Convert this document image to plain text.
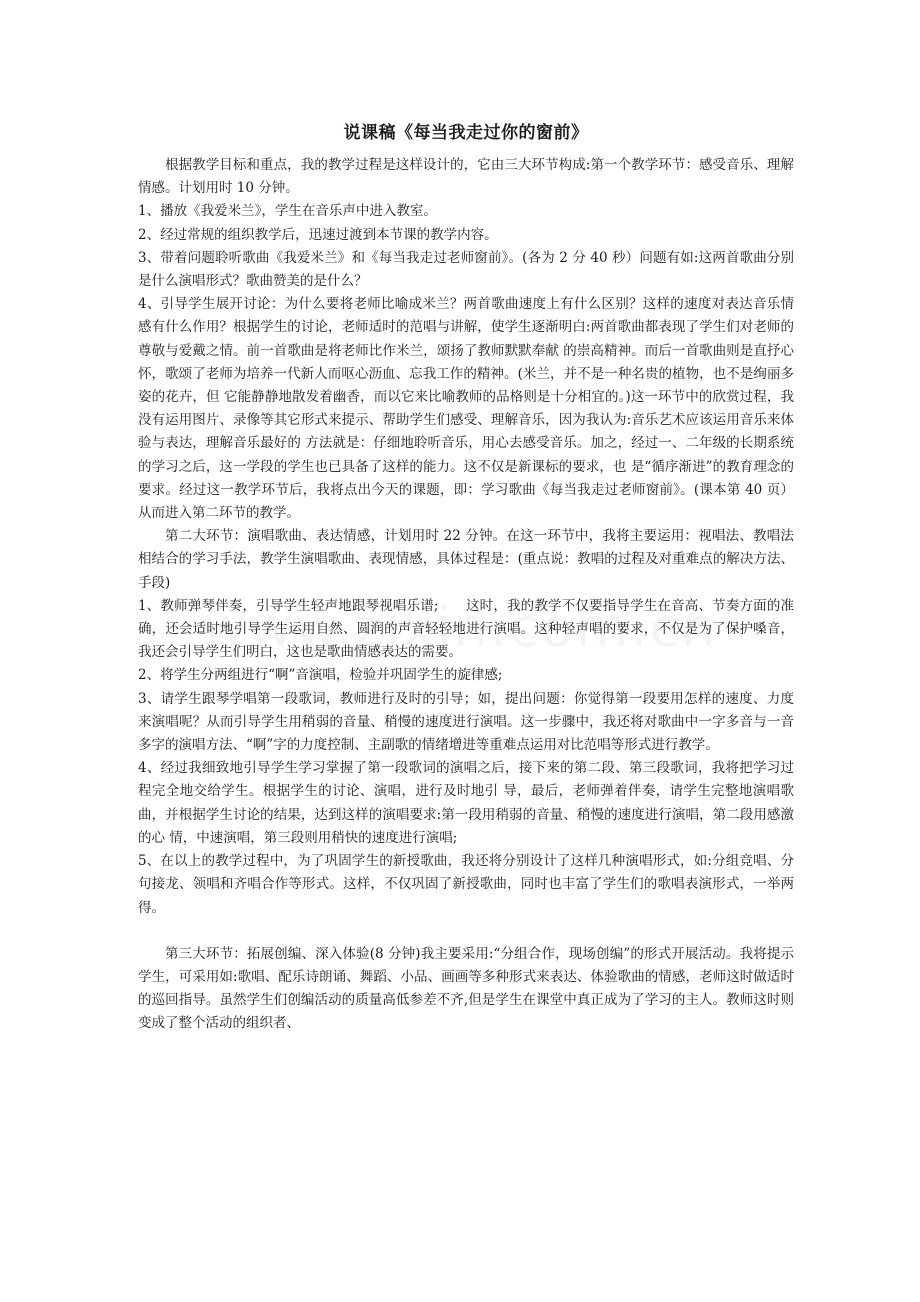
说课稿《每当我走过你的窗前》

根据教学目标和重点，我的教学过程是这样设计的，它由三大环节构成:第一个教学环节：感受音乐、理解情感。计划用时 10 分钟。

1、播放《我爱米兰》，学生在音乐声中进入教室。

2、经过常规的组织教学后，迅速过渡到本节课的教学内容。

3、带着问题聆听歌曲《我爱米兰》和《每当我走过老师窗前》。(各为 2 分 40 秒）问题有如:这两首歌曲分别是什么演唱形式？歌曲赞美的是什么？

4、引导学生展开讨论：为什么要将老师比喻成米兰？两首歌曲速度上有什么区别？这样的速度对表达音乐情感有什么作用？根据学生的讨论，老师适时的范唱与讲解，使学生逐渐明白:两首歌曲都表现了学生们对老师的尊敬与爱戴之情。前一首歌曲是将老师比作米兰，颂扬了教师默默奉献 的崇高精神。而后一首歌曲则是直抒心怀，歌颂了老师为培养一代新人而呕心沥血、忘我工作的精神。(米兰，并不是一种名贵的植物，也不是绚丽多姿的花卉，但 它能静静地散发着幽香，而以它来比喻教师的品格则是十分相宜的。)这一环节中的欣赏过程，我没有运用图片、录像等其它形式来提示、帮助学生们感受、理解音乐，因为我认为:音乐艺术应该运用音乐来体验与表达，理解音乐最好的 方法就是：仔细地聆听音乐，用心去感受音乐。加之，经过一、二年级的长期系统的学习之后，这一学段的学生也已具备了这样的能力。这不仅是新课标的要求，也 是“循序渐进”的教育理念的要求。经过这一教学环节后，我将点出今天的课题，即：学习歌曲《每当我走过老师窗前》。(课本第 40 页）从而进入第二环节的教学。

第二大环节：演唱歌曲、表达情感，计划用时 22 分钟。在这一环节中，我将主要运用：视唱法、教唱法相结合的学习手法，教学生演唱歌曲、表现情感，具体过程是：(重点说：教唱的过程及对重难点的解决方法、手段)

1、教师弹琴伴奏，引导学生轻声地跟琴视唱乐谱;　　这时，我的教学不仅要指导学生在音高、节奏方面的准确，还会适时地引导学生运用自然、圆润的声音轻轻地进行演唱。这种轻声唱的要求，不仅是为了保护嗓音，我还会引导学生们明白，这也是歌曲情感表达的需要。

2、将学生分两组进行“啊”音演唱，检验并巩固学生的旋律感;

3、请学生跟琴学唱第一段歌词，教师进行及时的引导；如，提出问题：你觉得第一段要用怎样的速度、力度来演唱呢？从而引导学生用稍弱的音量、稍慢的速度进行演唱。这一步骤中，我还将对歌曲中一字多音与一音多字的演唱方法、“啊”字的力度控制、主副歌的情绪增进等重难点运用对比范唱等形式进行教学。

4、经过我细致地引导学生学习掌握了第一段歌词的演唱之后，接下来的第二段、第三段歌词，我将把学习过程完全地交给学生。根据学生的讨论、演唱，进行及时地引 导，最后，老师弹着伴奏，请学生完整地演唱歌曲，并根据学生讨论的结果，达到这样的演唱要求:第一段用稍弱的音量、稍慢的速度进行演唱，第二段用感激的心 情，中速演唱，第三段则用稍快的速度进行演唱;

5、在以上的教学过程中，为了巩固学生的新授歌曲，我还将分别设计了这样几种演唱形式，如:分组竞唱、分句接龙、领唱和齐唱合作等形式。这样，不仅巩固了新授歌曲，同时也丰富了学生们的歌唱表演形式，一举两得。

第三大环节：拓展创编、深入体验(8 分钟)我主要采用:“分组合作，现场创编”的形式开展活动。我将提示学生，可采用如:歌唱、配乐诗朗诵、舞蹈、小品、画画等多种形式来表达、体验歌曲的情感，老师这时做适时的巡回指导。虽然学生们创编活动的质量高低参差不齐,但是学生在课堂中真正成为了学习的主人。教师这时则变成了整个活动的组织者、
